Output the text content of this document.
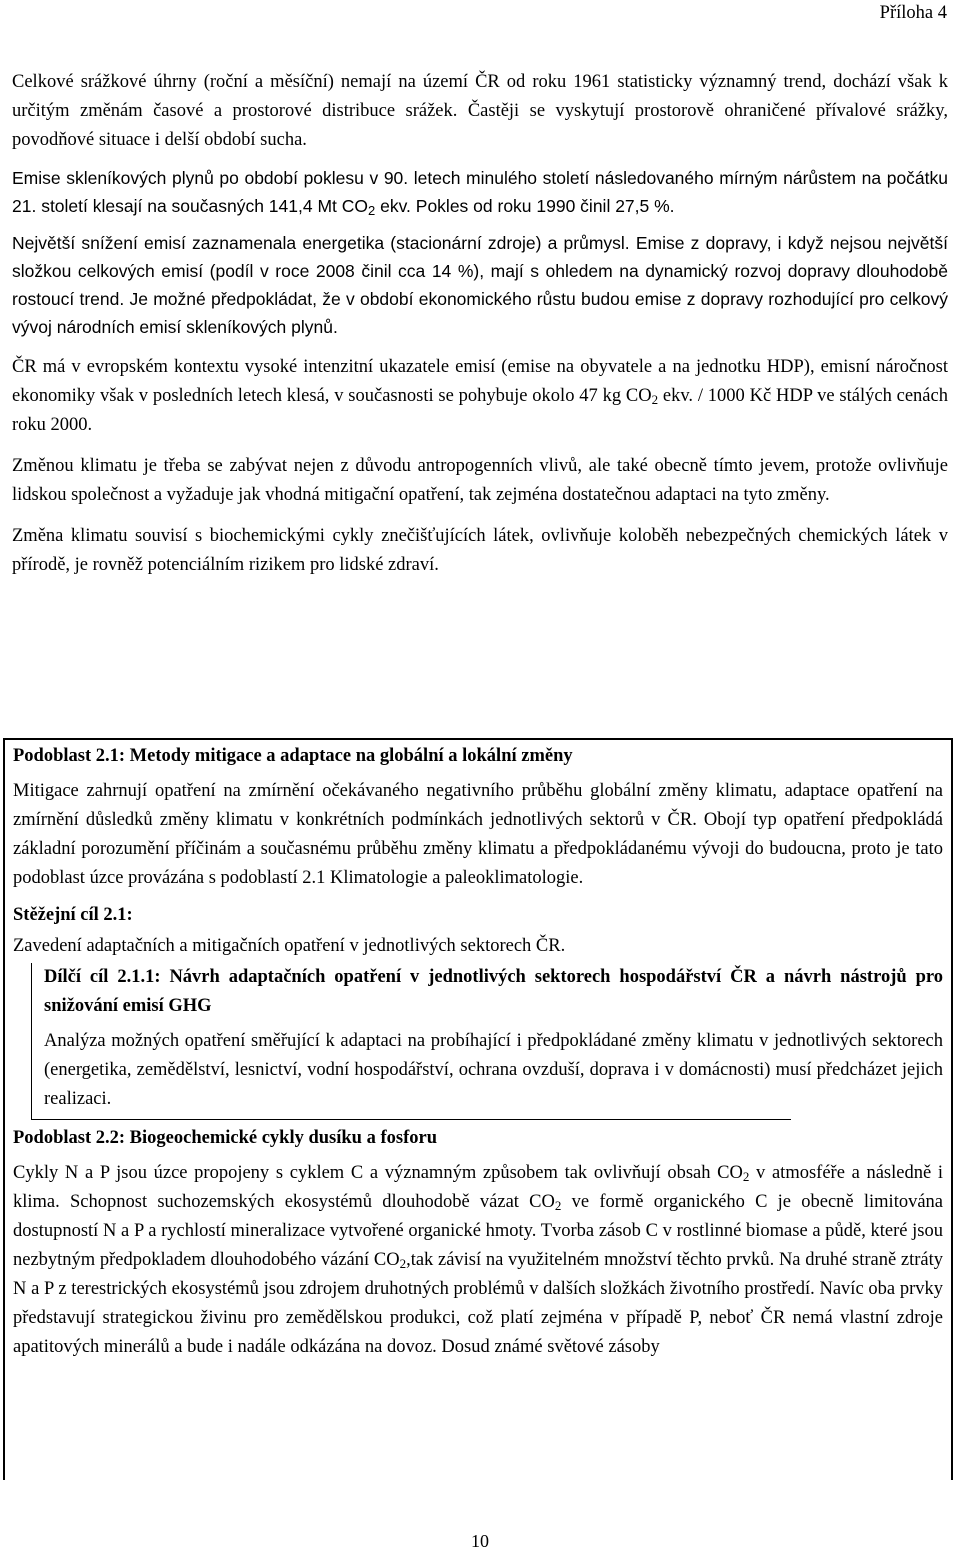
Příloha 4

Celkové srážkové úhrny (roční a měsíční) nemají na území ČR od roku 1961 statisticky významný trend, dochází však k určitým změnám časové a prostorové distribuce srážek. Častěji se vyskytují prostorově ohraničené přívalové srážky, povodňové situace i delší období sucha.

Emise skleníkových plynů po období poklesu v 90. letech minulého století následovaného mírným nárůstem na počátku 21. století klesají na současných 141,4 Mt $CO_2$ ekv. Pokles od roku 1990 činil 27,5 %.

Největší snížení emisí zaznamenala energetika (stacionární zdroje) a průmysl. Emise z dopravy, i když nejsou největší složkou celkových emisí (podíl v roce 2008 činil cca 14 %), mají s ohledem na dynamický rozvoj dopravy dlouhodobě rostoucí trend. Je možné předpokládat, že v období ekonomického růstu budou emise z dopravy rozhodující pro celkový vývoj národních emisí skleníkových plynů.

ČR má v evropském kontextu vysoké intenzitní ukazatele emisí (emise na obyvatele a na jednotku HDP), emisní náročnost ekonomiky však v posledních letech klesá, v současnosti se pohybuje okolo 47 kg $CO_2$ ekv. / 1000 Kč HDP ve stálých cenách roku 2000.

Změnou klimatu je třeba se zabývat nejen z důvodu antropogenních vlivů, ale také obecně tímto jevem, protože ovlivňuje lidskou společnost a vyžaduje jak vhodná mitigační opatření, tak zejména dostatečnou adaptaci na tyto změny.

Změna klimatu souvisí s biochemickými cykly znečišťujících látek, ovlivňuje koloběh nebezpečných chemických látek v přírodě, je rovněž potenciálním rizikem pro lidské zdraví.

Podoblast 2.1: Metody mitigace a adaptace na globální a lokální změny

Mitigace zahrnují opatření na zmírnění očekávaného negativního průběhu globální změny klimatu, adaptace opatření na zmírnění důsledků změny klimatu v konkrétních podmínkách jednotlivých sektorů v ČR. Obojí typ opatření předpokládá základní porozumění příčinám a současnému průběhu změny klimatu a předpokládanému vývoji do budoucna, proto je tato podoblast úzce provázána s podoblastí 2.1 Klimatologie a paleoklimatologie.

Stěžejní cíl 2.1:

Zavedení adaptačních a mitigačních opatření v jednotlivých sektorech ČR.

Dílčí cíl 2.1.1: Návrh adaptačních opatření v jednotlivých sektorech hospodářství ČR a návrh nástrojů pro snižování emisí GHG

Analýza možných opatření směřující k adaptaci na probíhající i předpokládané změny klimatu v jednotlivých sektorech (energetika, zemědělství, lesnictví, vodní hospodářství, ochrana ovzduší, doprava i v domácnosti) musí předcházet jejich realizaci.

Podoblast 2.2: Biogeochemické cykly dusíku a fosforu

Cykly N a P jsou úzce propojeny s cyklem C a významným způsobem tak ovlivňují obsah $CO_2$ v atmosféře a následně i klima. Schopnost suchozemských ekosystémů dlouhodobě vázat $CO_2$ ve formě organického C je obecně limitována dostupností N a P a rychlostí mineralizace vytvořené organické hmoty. Tvorba zásob C v rostlinné biomase a půdě, které jsou nezbytným předpokladem dlouhodobého vázání $CO_2,tak$ závisí na využitelném množství těchto prvků. Na druhé straně ztráty N a P z terestrických ekosystémů jsou zdrojem druhotných problémů v dalších složkách životního prostředí. Navíc oba prvky představují strategickou živinu pro zemědělskou produkci, což platí zejména v případě P, neboť ČR nemá vlastní zdroje apatitových minerálů a bude i nadále odkázána na dovoz. Dosud známé světové zásoby

10
